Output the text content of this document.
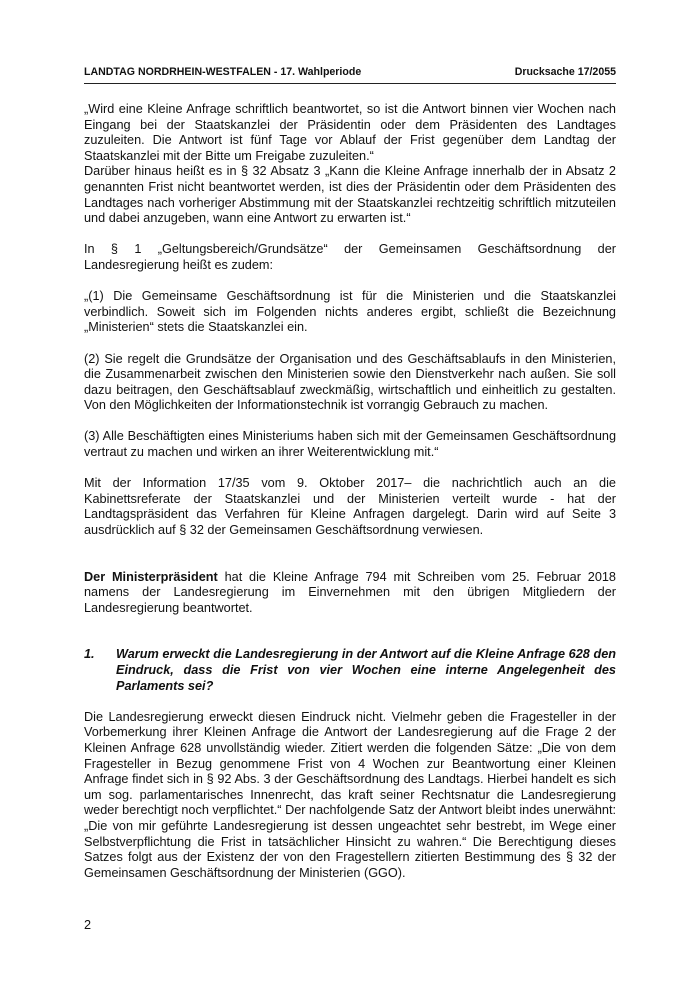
LANDTAG NORDRHEIN-WESTFALEN - 17. Wahlperiode	Drucksache 17/2055

„Wird eine Kleine Anfrage schriftlich beantwortet, so ist die Antwort binnen vier Wochen nach Eingang bei der Staatskanzlei der Präsidentin oder dem Präsidenten des Landtages zuzuleiten. Die Antwort ist fünf Tage vor Ablauf der Frist gegenüber dem Landtag der Staatskanzlei mit der Bitte um Freigabe zuzuleiten.“

Darüber hinaus heißt es in § 32 Absatz 3 „Kann die Kleine Anfrage innerhalb der in Absatz 2 genannten Frist nicht beantwortet werden, ist dies der Präsidentin oder dem Präsidenten des Landtages nach vorheriger Abstimmung mit der Staatskanzlei rechtzeitig schriftlich mitzuteilen und dabei anzugeben, wann eine Antwort zu erwarten ist.“

In § 1 „Geltungsbereich/Grundsätze“ der Gemeinsamen Geschäftsordnung der Landesregierung heißt es zudem:

„(1) Die Gemeinsame Geschäftsordnung ist für die Ministerien und die Staatskanzlei verbindlich. Soweit sich im Folgenden nichts anderes ergibt, schließt die Bezeichnung „Ministerien“ stets die Staatskanzlei ein.

(2) Sie regelt die Grundsätze der Organisation und des Geschäftsablaufs in den Ministerien, die Zusammenarbeit zwischen den Ministerien sowie den Dienstverkehr nach außen. Sie soll dazu beitragen, den Geschäftsablauf zweckmäßig, wirtschaftlich und einheitlich zu gestalten. Von den Möglichkeiten der Informationstechnik ist vorrangig Gebrauch zu machen.

(3) Alle Beschäftigten eines Ministeriums haben sich mit der Gemeinsamen Geschäftsordnung vertraut zu machen und wirken an ihrer Weiterentwicklung mit.“

Mit der Information 17/35 vom 9. Oktober 2017– die nachrichtlich auch an die Kabinettsreferate der Staatskanzlei und der Ministerien verteilt wurde - hat der Landtagspräsident das Verfahren für Kleine Anfragen dargelegt. Darin wird auf Seite 3 ausdrücklich auf § 32 der Gemeinsamen Geschäftsordnung verwiesen.

Der Ministerpräsident hat die Kleine Anfrage 794 mit Schreiben vom 25. Februar 2018 namens der Landesregierung im Einvernehmen mit den übrigen Mitgliedern der Landesregierung beantwortet.

1.	Warum erweckt die Landesregierung in der Antwort auf die Kleine Anfrage 628 den Eindruck, dass die Frist von vier Wochen eine interne Angelegenheit des Parlaments sei?

Die Landesregierung erweckt diesen Eindruck nicht. Vielmehr geben die Fragesteller in der Vorbemerkung ihrer Kleinen Anfrage die Antwort der Landesregierung auf die Frage 2 der Kleinen Anfrage 628 unvollständig wieder. Zitiert werden die folgenden Sätze: „Die von dem Fragesteller in Bezug genommene Frist von 4 Wochen zur Beantwortung einer Kleinen Anfrage findet sich in § 92 Abs. 3 der Geschäftsordnung des Landtags. Hierbei handelt es sich um sog. parlamentarisches Innenrecht, das kraft seiner Rechtsnatur die Landesregierung weder berechtigt noch verpflichtet.“ Der nachfolgende Satz der Antwort bleibt indes unerwähnt: „Die von mir geführte Landesregierung ist dessen ungeachtet sehr bestrebt, im Wege einer Selbstverpflichtung die Frist in tatsächlicher Hinsicht zu wahren.“ Die Berechtigung dieses Satzes folgt aus der Existenz der von den Fragestellern zitierten Bestimmung des § 32 der Gemeinsamen Geschäftsordnung der Ministerien (GGO).

2
